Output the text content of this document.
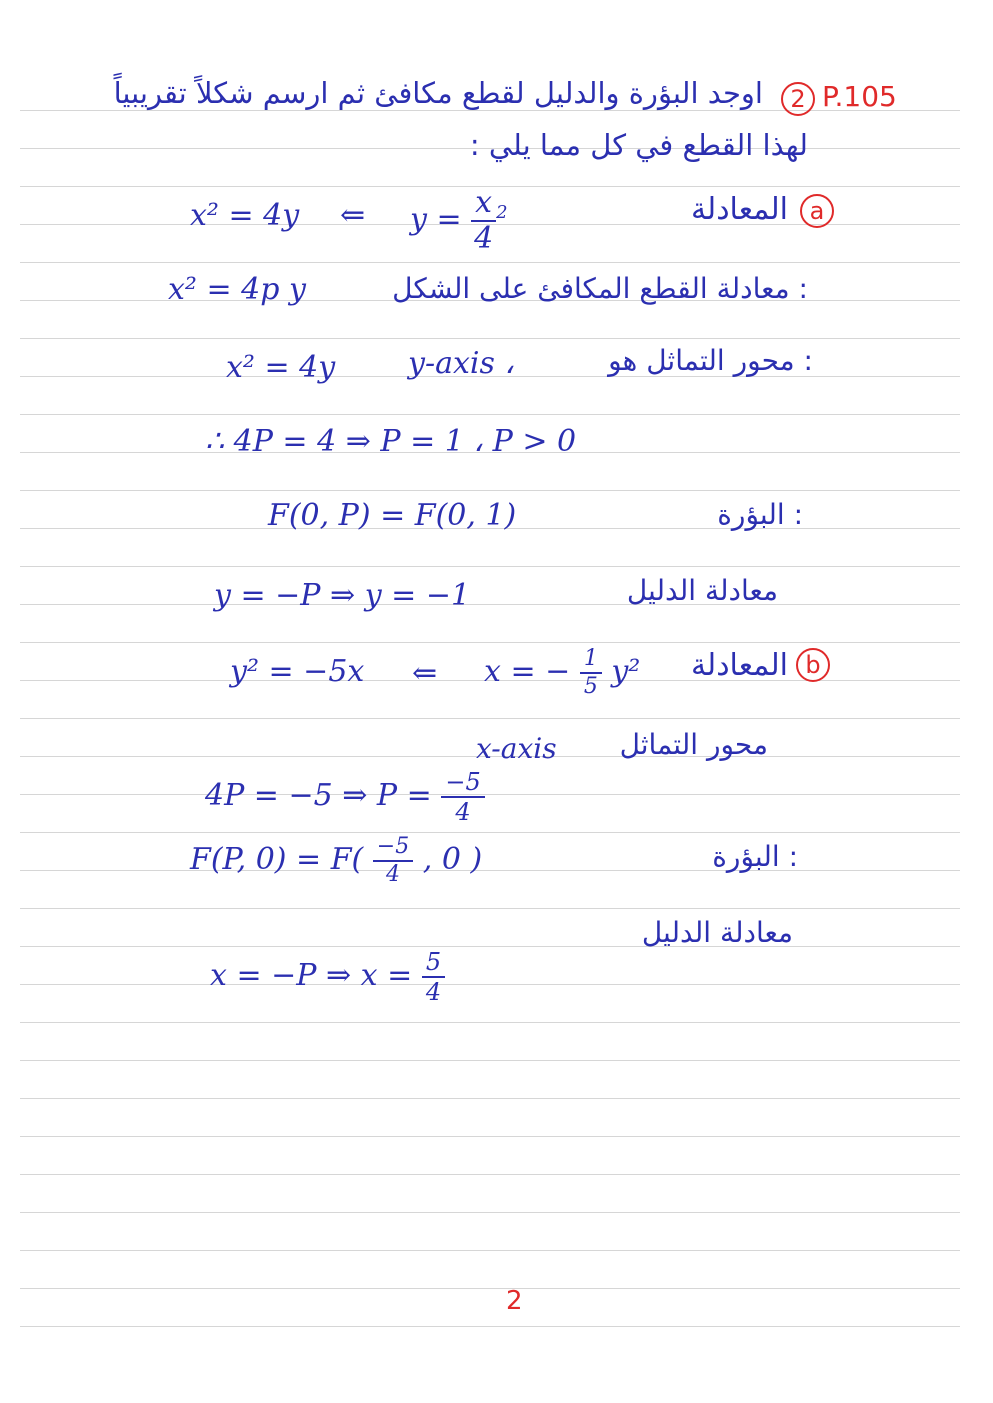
P.105
2
اوجد البؤرة والدليل لقطع مكافئ ثم ارسم شكلاً تقريبياً
لهذا القطع في كل مما يلي :
a
المعادلة
x² = 4y ⇐ $y = \frac{x}{4} ^2$
: معادلة القطع المكافئ على الشكل
x² = 4p y
: محور التماثل هو
y-axis ،
x² = 4y
∴ 4P = 4 ⇒ P = 1 ، P > 0
: البؤرة
F(0, P) = F(0, 1)
معادلة الدليل
y = −P ⇒ y = −1
b
المعادلة
y² = −5x ⇐ x = − $\frac{1}{5} y^2$
محور التماثل
x-axis
4P = −5 ⇒ $P = \frac{-5}{4}$
: البؤرة
F(P, $0) = F( \frac{-5}{4}$ , 0 )
معادلة الدليل
x = −P ⇒ $x = \frac{5}{4}$
2
